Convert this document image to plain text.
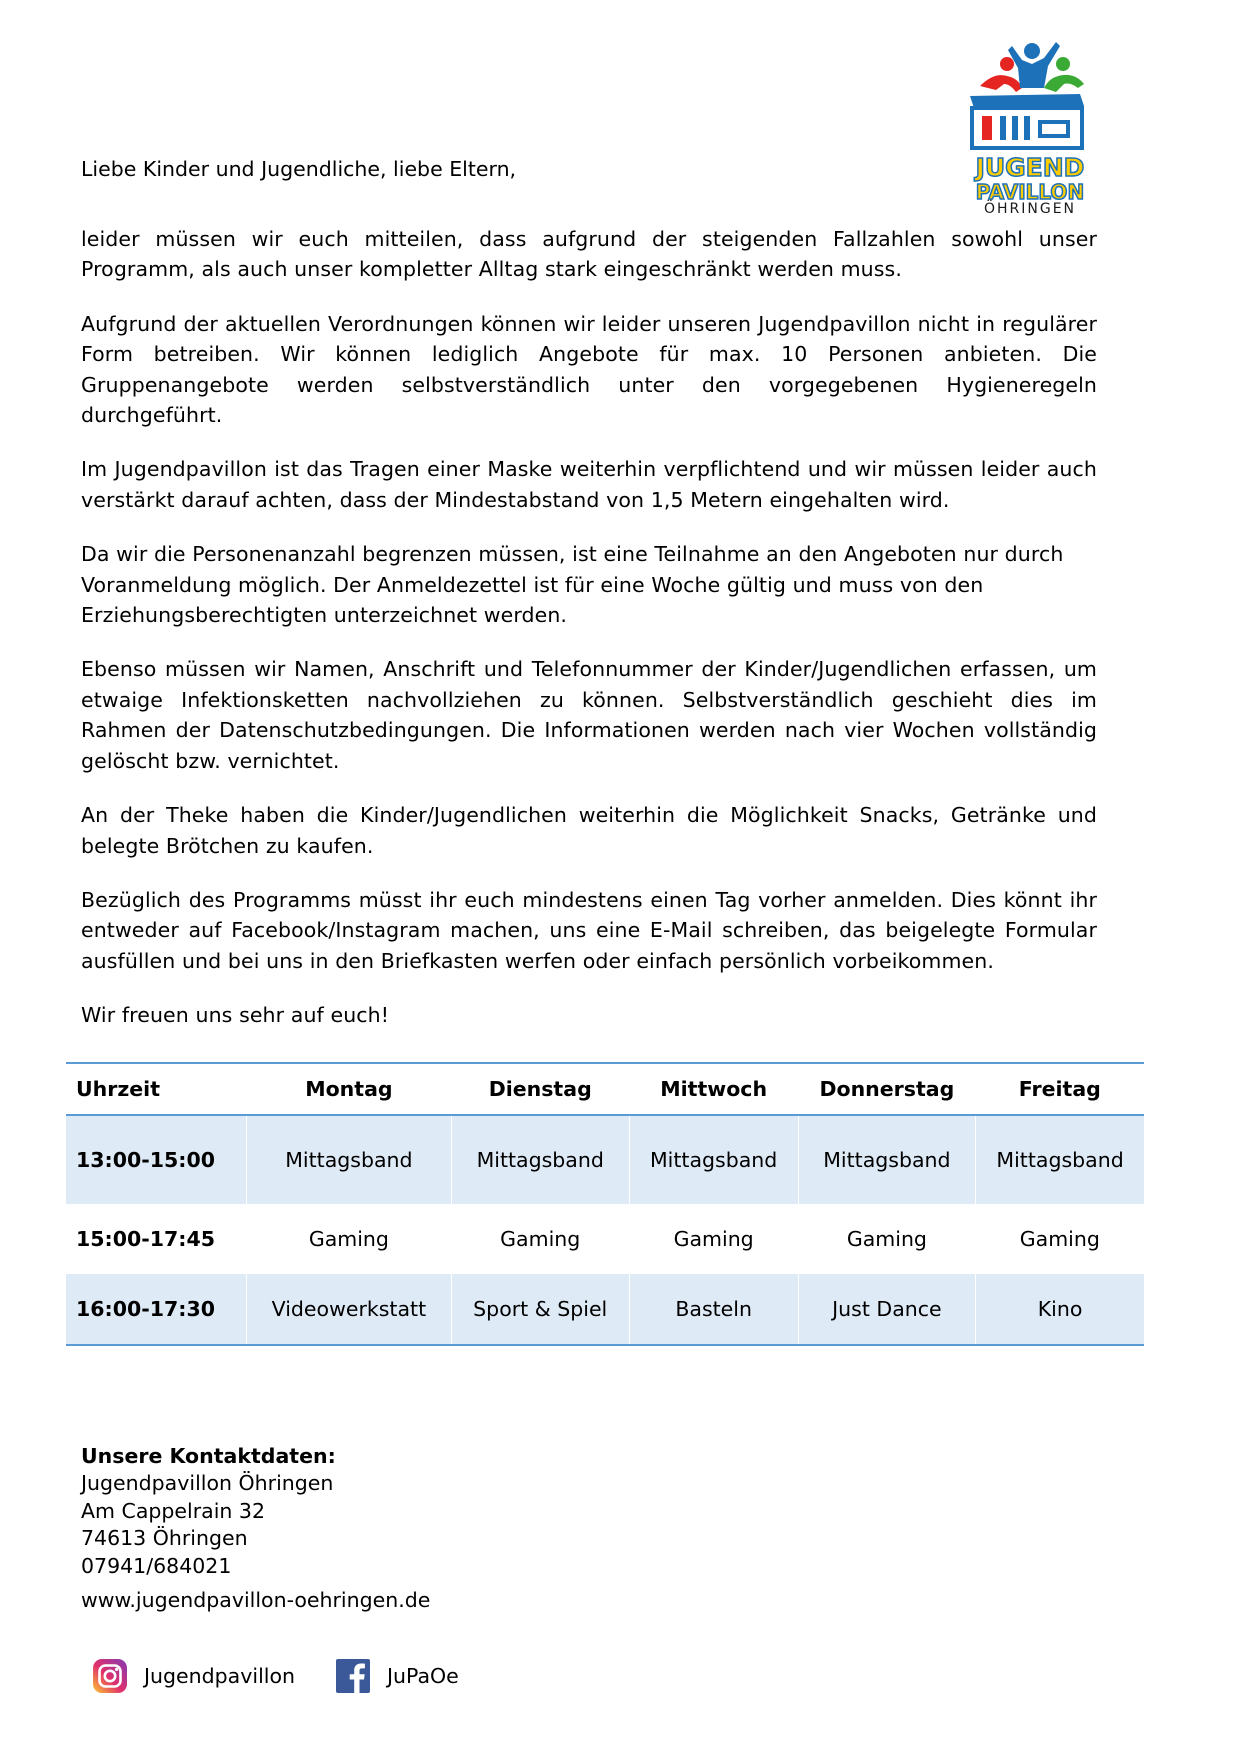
JUGEND
PAVILLON
ÖHRINGEN

Liebe Kinder und Jugendliche, liebe Eltern,

leider müssen wir euch mitteilen, dass aufgrund der steigenden Fallzahlen sowohl unser Programm, als auch unser kompletter Alltag stark eingeschränkt werden muss.

Aufgrund der aktuellen Verordnungen können wir leider unseren Jugendpavillon nicht in regulärer Form betreiben. Wir können lediglich Angebote für max. 10 Personen anbieten. Die Gruppenangebote werden selbstverständlich unter den vorgegebenen Hygieneregeln durchgeführt.

Im Jugendpavillon ist das Tragen einer Maske weiterhin verpflichtend und wir müssen leider auch verstärkt darauf achten, dass der Mindestabstand von 1,5 Metern eingehalten wird.

Da wir die Personenanzahl begrenzen müssen, ist eine Teilnahme an den Angeboten nur durch Voranmeldung möglich. Der Anmeldezettel ist für eine Woche gültig und muss von den Erziehungsberechtigten unterzeichnet werden.

Ebenso müssen wir Namen, Anschrift und Telefonnummer der Kinder/Jugendlichen erfassen, um etwaige Infektionsketten nachvollziehen zu können. Selbstverständlich geschieht dies im Rahmen der Datenschutzbedingungen. Die Informationen werden nach vier Wochen vollständig gelöscht bzw. vernichtet.

An der Theke haben die Kinder/Jugendlichen weiterhin die Möglichkeit Snacks, Getränke und belegte Brötchen zu kaufen.

Bezüglich des Programms müsst ihr euch mindestens einen Tag vorher anmelden. Dies könnt ihr entweder auf Facebook/Instagram machen, uns eine E-Mail schreiben, das beigelegte Formular ausfüllen und bei uns in den Briefkasten werfen oder einfach persönlich vorbeikommen.

Wir freuen uns sehr auf euch!

Uhrzeit	Montag	Dienstag	Mittwoch	Donnerstag	Freitag
13:00-15:00	Mittagsband	Mittagsband	Mittagsband	Mittagsband	Mittagsband
15:00-17:45	Gaming	Gaming	Gaming	Gaming	Gaming
16:00-17:30	Videowerkstatt	Sport & Spiel	Basteln	Just Dance	Kino
Unsere Kontaktdaten:
Jugendpavillon Öhringen
Am Cappelrain 32
74613 Öhringen
07941/684021
www.jugendpavillon-oehringen.de
Jugendpavillon	JuPaOe
